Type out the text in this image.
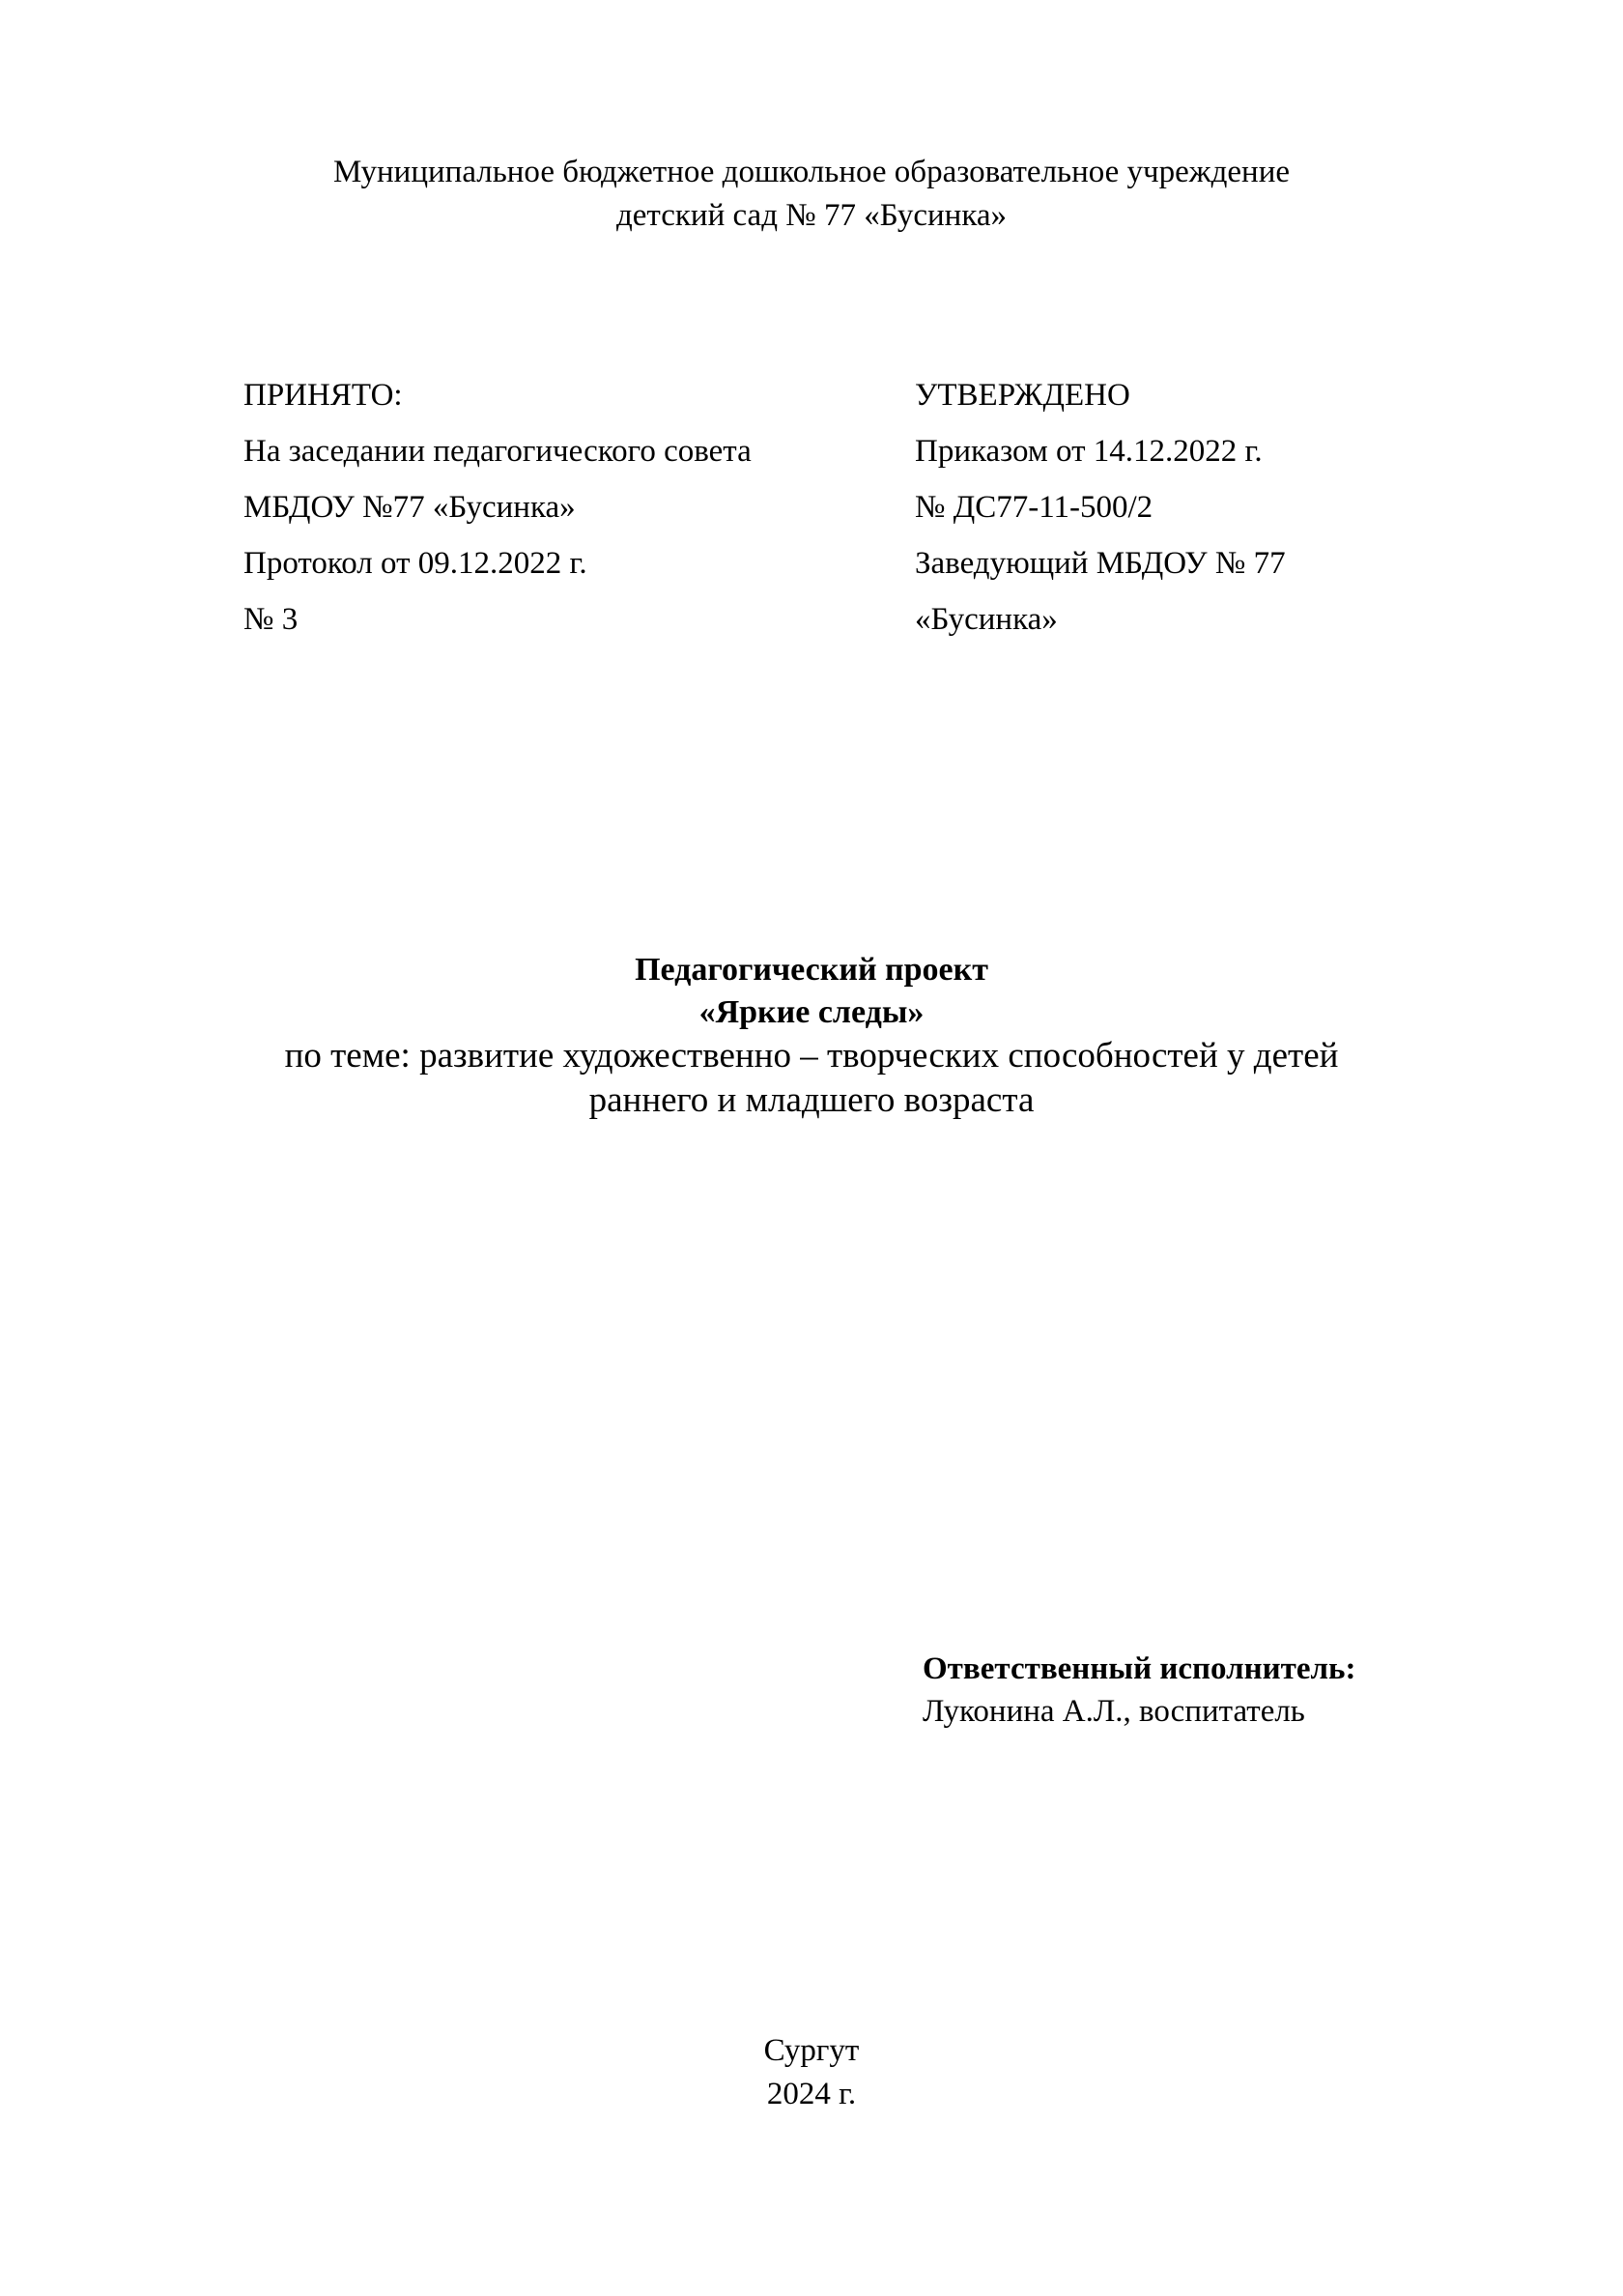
Муниципальное бюджетное дошкольное образовательное учреждение
детский сад № 77 «Бусинка»
ПРИНЯТО:
На заседании педагогического совета
МБДОУ №77 «Бусинка»
Протокол от 09.12.2022 г.
№ 3
УТВЕРЖДЕНО
Приказом от 14.12.2022 г.
№ ДС77-11-500/2
Заведующий МБДОУ № 77
«Бусинка»
Педагогический проект
«Яркие следы»
по теме: развитие художественно – творческих способностей у детей
раннего и младшего возраста
Ответственный исполнитель:
Луконина А.Л., воспитатель
Сургут
2024 г.
